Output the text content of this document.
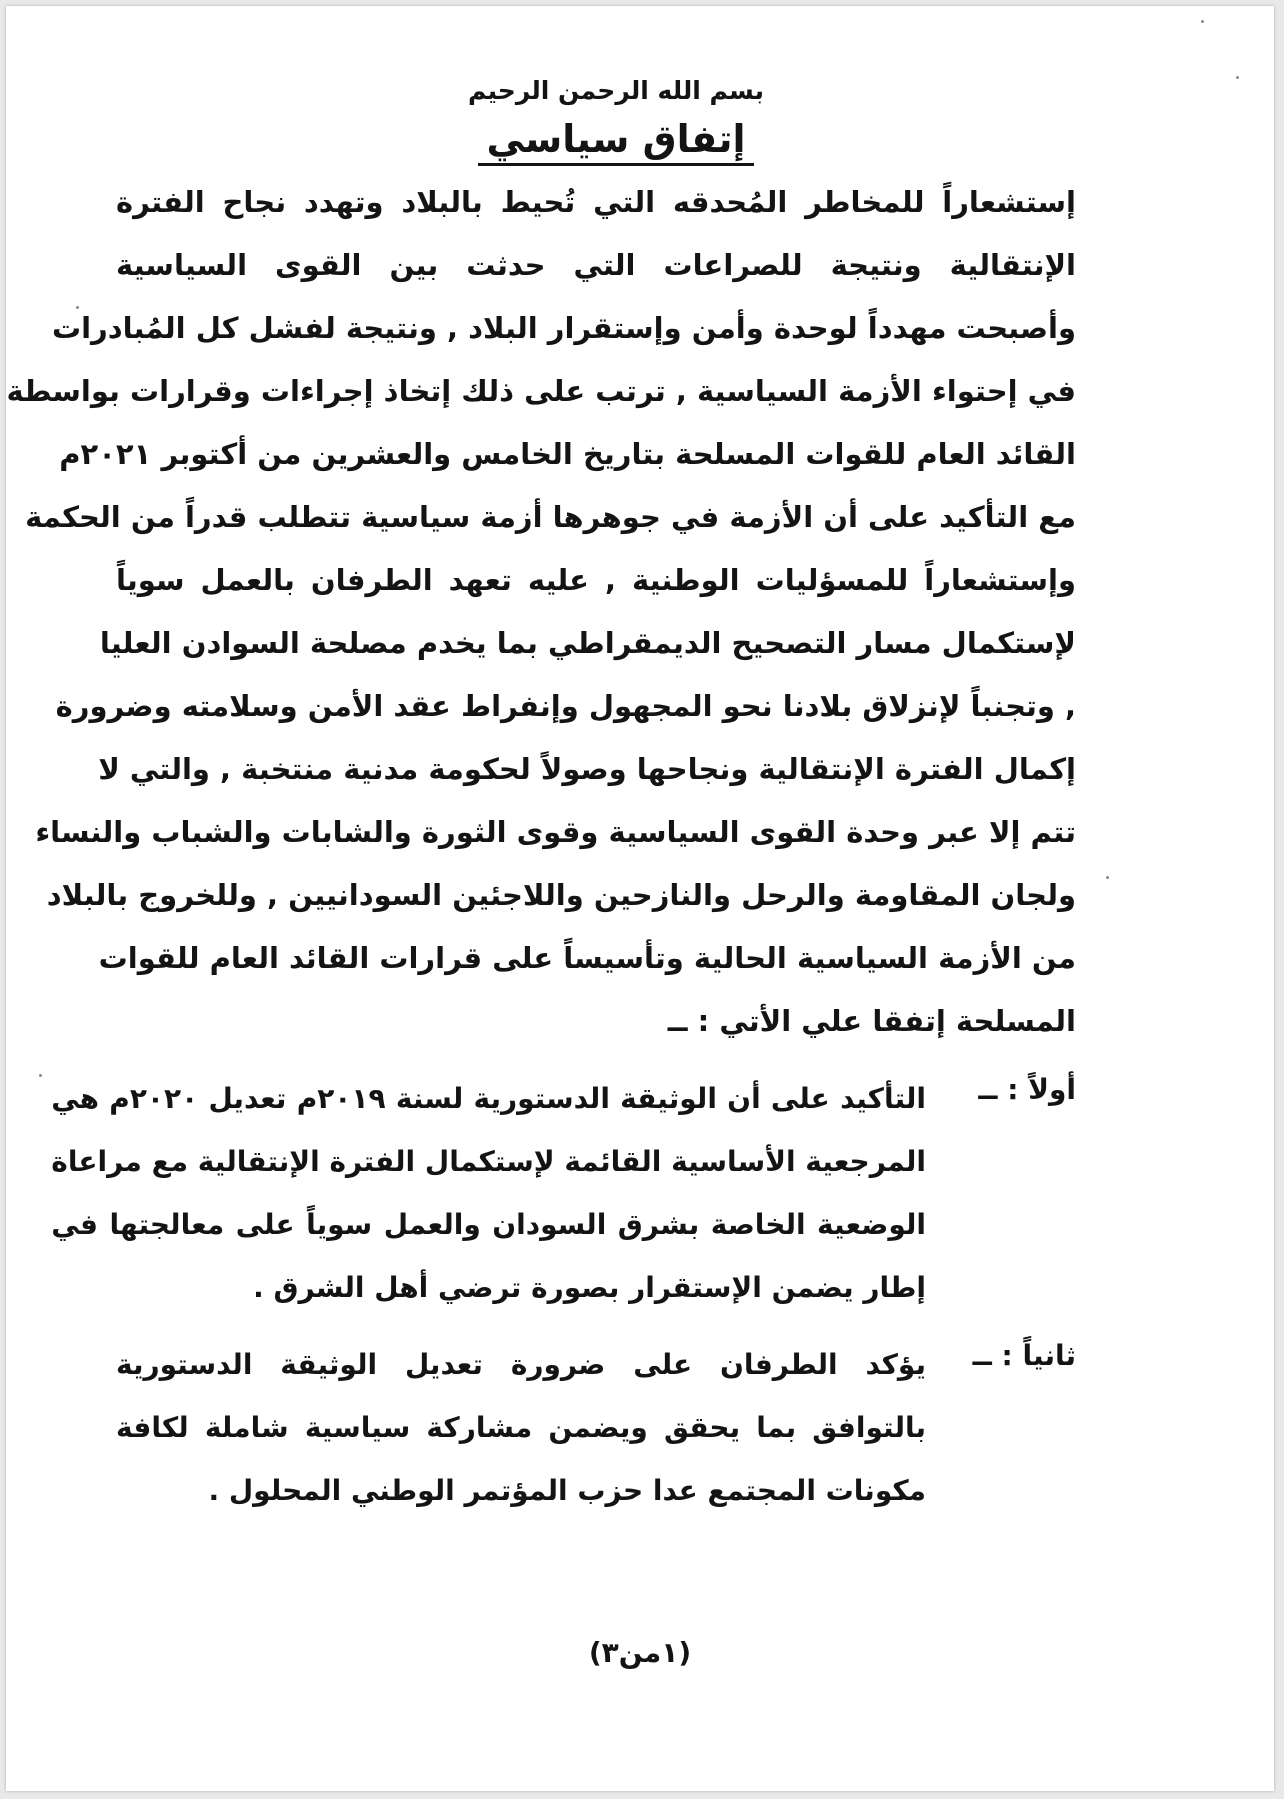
بسم الله الرحمن الرحيم
إتفاق سياسي
إستشعاراً للمخاطر المُحدقه التي تُحيط بالبلاد وتهدد نجاح الفترة
الإنتقالية ونتيجة للصراعات التي حدثت بين القوى السياسية
وأصبحت مهدداً لوحدة وأمن وإستقرار البلاد , ونتيجة لفشل كل المُبادرات
في إحتواء الأزمة السياسية , ترتب على ذلك إتخاذ إجراءات وقرارات بواسطة
القائد العام للقوات المسلحة بتاريخ الخامس والعشرين من أكتوبر ٢٠٢١م
مع التأكيد على أن الأزمة في جوهرها أزمة سياسية تتطلب قدراً من الحكمة
وإستشعاراً للمسؤليات الوطنية , عليه تعهد الطرفان بالعمل سوياً
لإستكمال مسار التصحيح الديمقراطي بما يخدم مصلحة السوادن العليا
, وتجنباً لإنزلاق بلادنا نحو المجهول وإنفراط عقد الأمن وسلامته وضرورة
إكمال الفترة الإنتقالية ونجاحها وصولاً لحكومة مدنية منتخبة , والتي لا
تتم إلا عبر وحدة القوى السياسية وقوى الثورة والشابات والشباب والنساء
ولجان المقاومة والرحل والنازحين واللاجئين السودانيين , وللخروج بالبلاد
من الأزمة السياسية الحالية وتأسيساً على قرارات القائد العام للقوات
المسلحة إتفقا علي الأتي : ــ
أولاً : ــ
التأكيد على أن الوثيقة الدستورية لسنة ٢٠١٩م تعديل ٢٠٢٠م هي
المرجعية الأساسية القائمة لإستكمال الفترة الإنتقالية مع مراعاة
الوضعية الخاصة بشرق السودان والعمل سوياً على معالجتها في
إطار يضمن الإستقرار بصورة ترضي أهل الشرق .
ثانياً : ــ
يؤكد الطرفان على ضرورة تعديل الوثيقة الدستورية
بالتوافق بما يحقق ويضمن مشاركة سياسية شاملة لكافة
مكونات المجتمع عدا حزب المؤتمر الوطني المحلول .
(١من٣)
